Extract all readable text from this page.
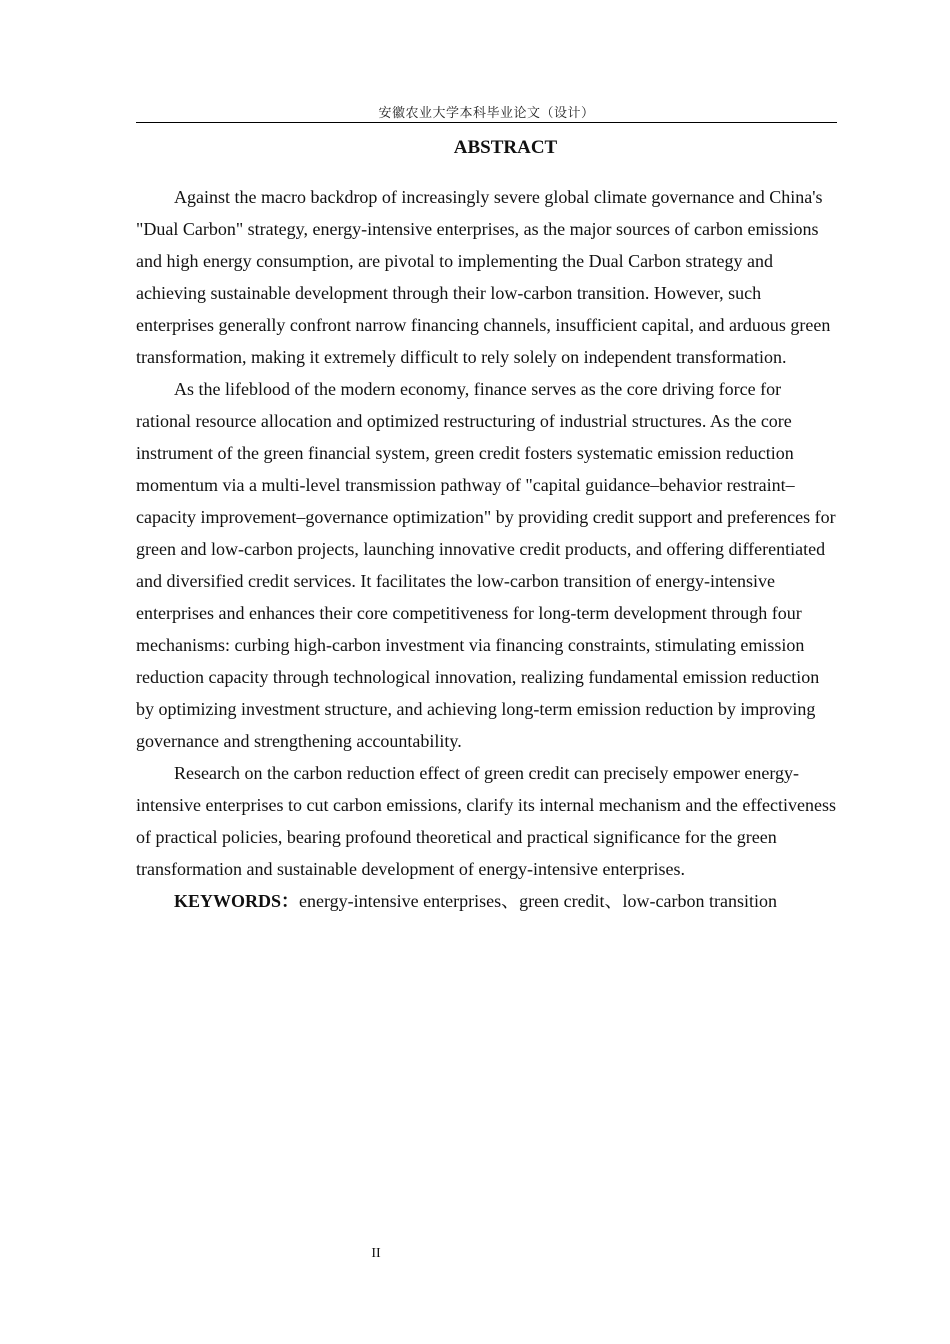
安徽农业大学本科毕业论文（设计）
ABSTRACT

Against the macro backdrop of increasingly severe global climate governance and China's "Dual Carbon" strategy, energy-intensive enterprises, as the major sources of carbon emissions and high energy consumption, are pivotal to implementing the Dual Carbon strategy and achieving sustainable development through their low-carbon transition. However, such enterprises generally confront narrow financing channels, insufficient capital, and arduous green transformation, making it extremely difficult to rely solely on independent transformation.

As the lifeblood of the modern economy, finance serves as the core driving force for rational resource allocation and optimized restructuring of industrial structures. As the core instrument of the green financial system, green credit fosters systematic emission reduction momentum via a multi-level transmission pathway of "capital guidance–behavior restraint–capacity improvement–governance optimization" by providing credit support and preferences for green and low-carbon projects, launching innovative credit products, and offering differentiated and diversified credit services. It facilitates the low-carbon transition of energy-intensive enterprises and enhances their core competitiveness for long-term development through four mechanisms: curbing high-carbon investment via financing constraints, stimulating emission reduction capacity through technological innovation, realizing fundamental emission reduction by optimizing investment structure, and achieving long-term emission reduction by improving governance and strengthening accountability.

Research on the carbon reduction effect of green credit can precisely empower energy-intensive enterprises to cut carbon emissions, clarify its internal mechanism and the effectiveness of practical policies, bearing profound theoretical and practical significance for the green transformation and sustainable development of energy-intensive enterprises.

KEYWORDS：energy-intensive enterprises、green credit、low-carbon transition

II
